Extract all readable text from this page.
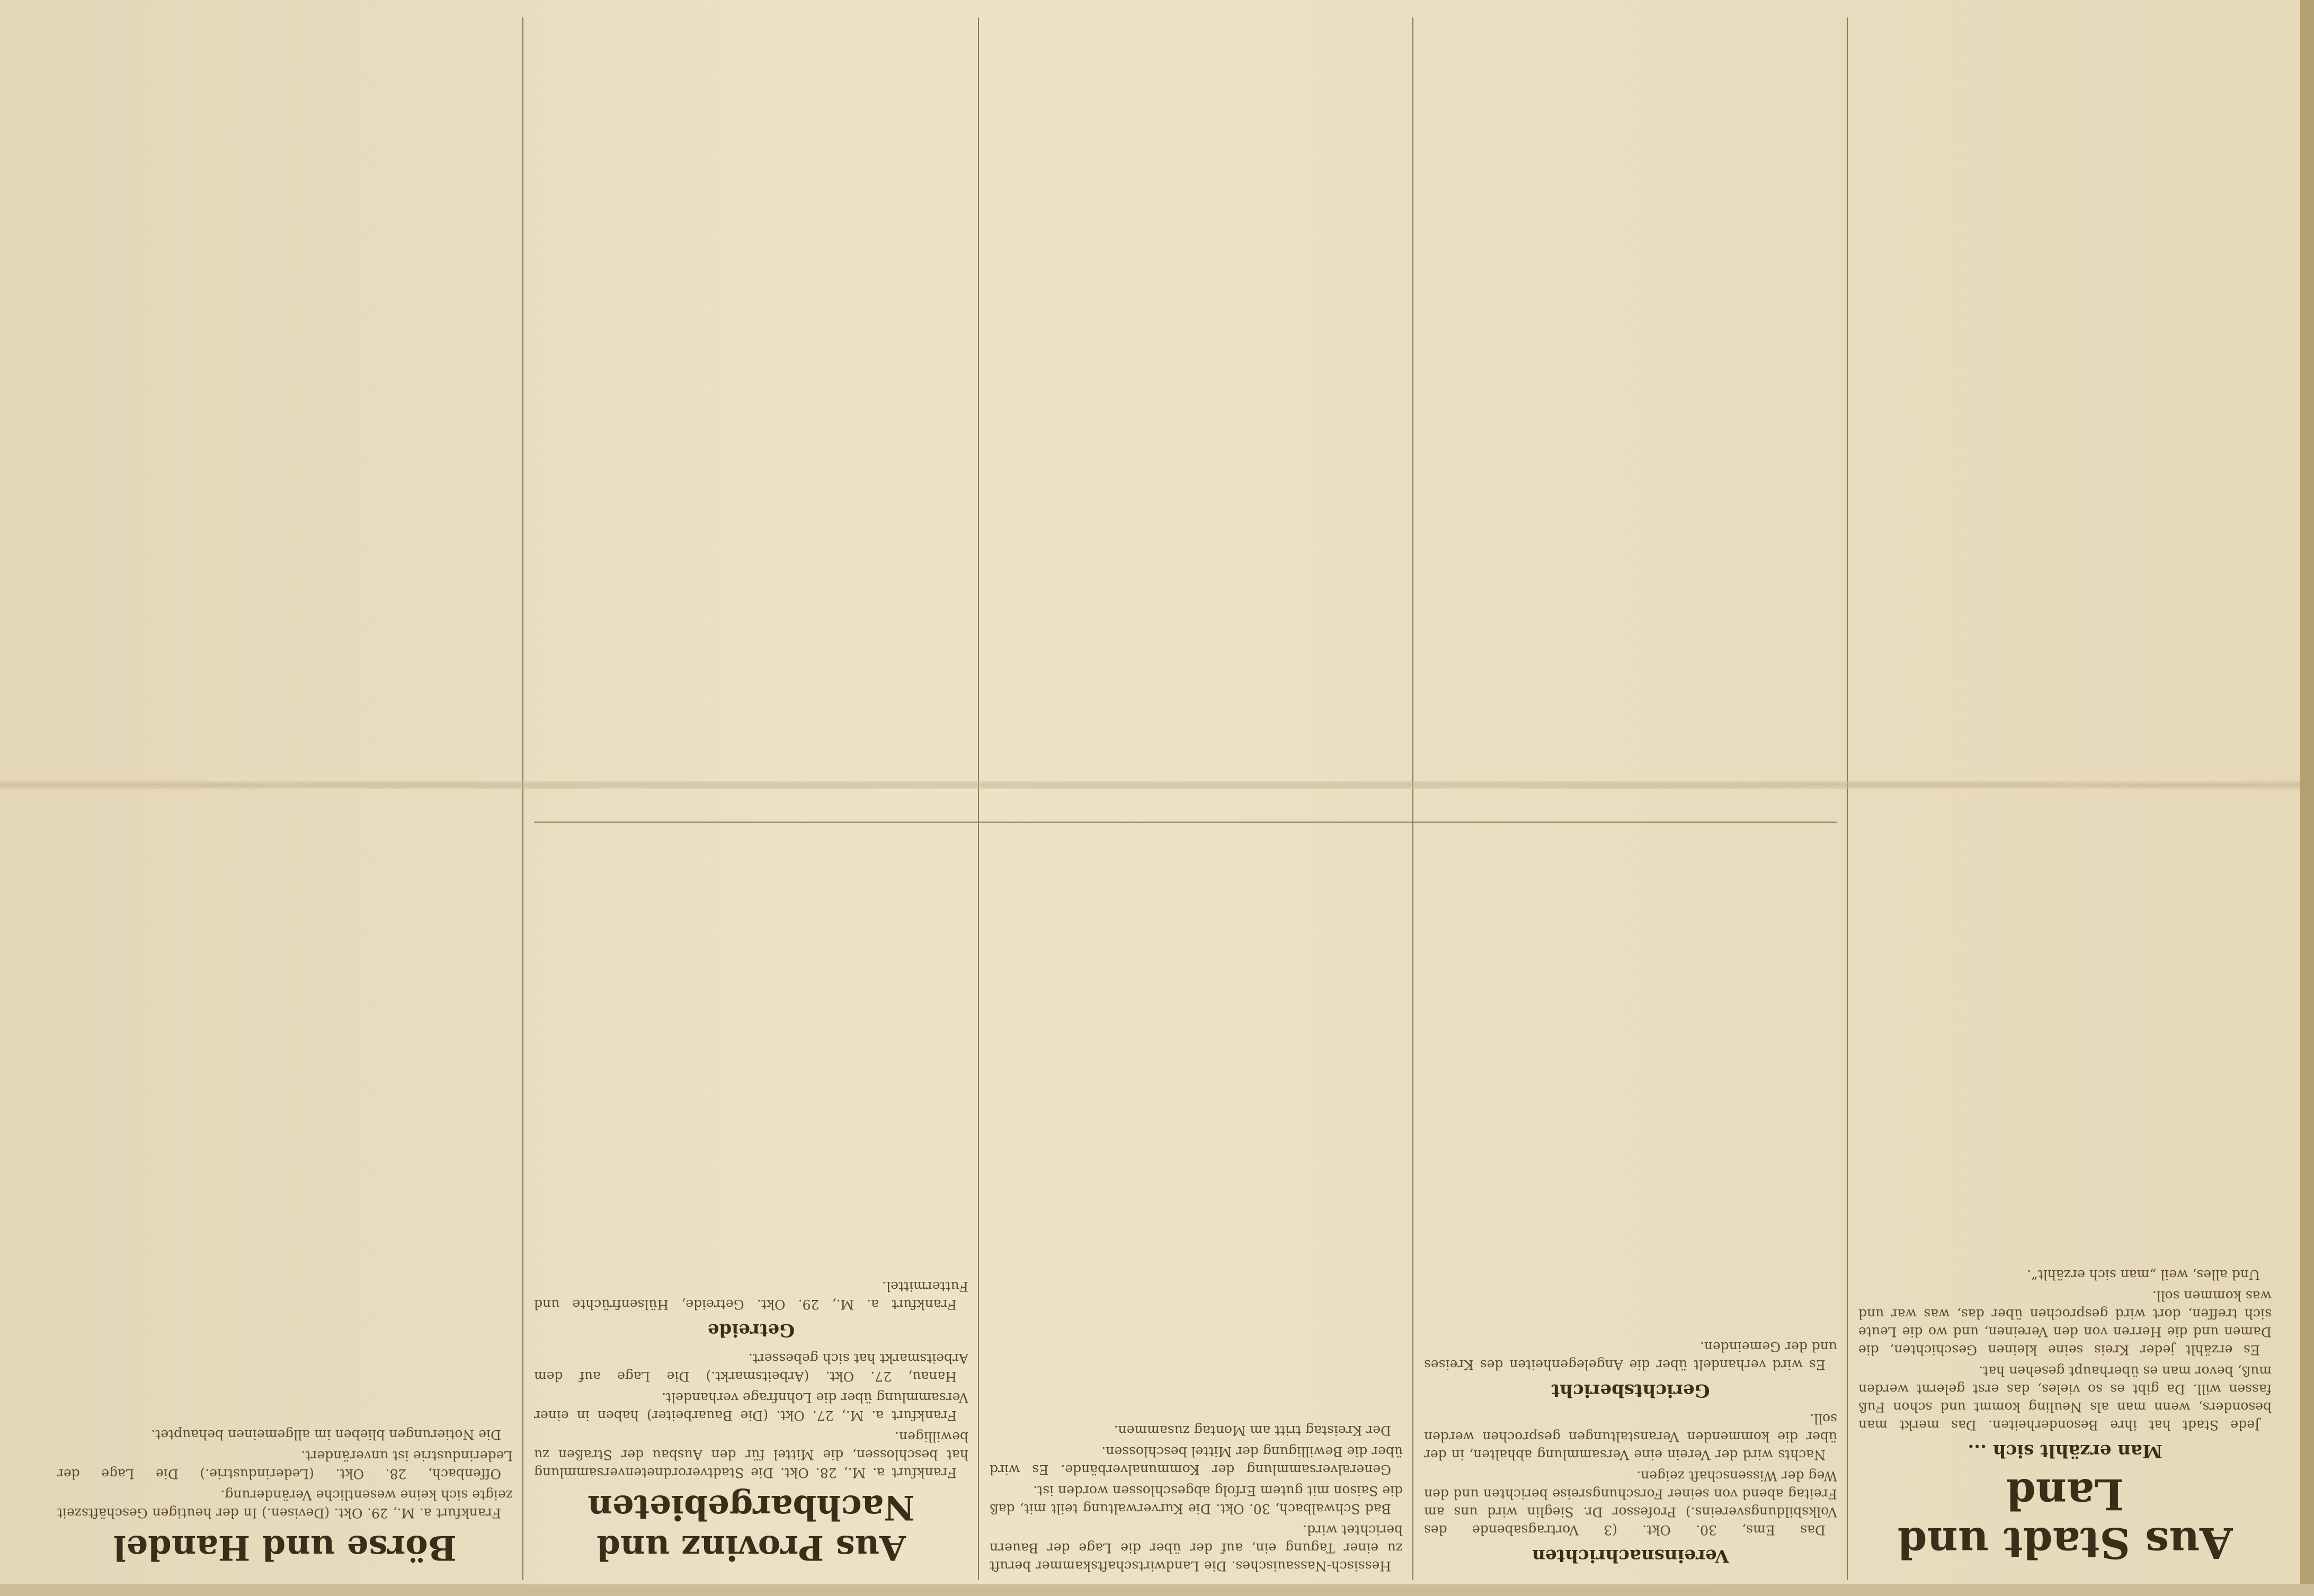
Aus Stadt und Land
Man erzählt sich ...

Jede Stadt hat ihre Besonderheiten. Das merkt man besonders, wenn man als Neuling kommt und schon Fuß fassen will. Da gibt es so vieles, das erst gelernt werden muß, bevor man es überhaupt gesehen hat.

Es erzählt jeder Kreis seine kleinen Geschichten, die Damen und die Herren von den Vereinen, und wo die Leute sich treffen, dort wird gesprochen über das, was war und was kommen soll.

Und alles, weil „man sich erzählt“.

Vereinsnachrichten

Das Ems, 30. Okt. (3 Vortragsabende des Volksbildungsvereins.) Professor Dr. Sieglin wird uns am Freitag abend von seiner Forschungsreise berichten und den Weg der Wissenschaft zeigen.

Nachts wird der Verein eine Versammlung abhalten, in der über die kommenden Veranstaltungen gesprochen werden soll.

Gerichtsbericht

Es wird verhandelt über die Angelegenheiten des Kreises und der Gemeinden.

Hessisch-Nassauisches. Die Landwirtschaftskammer beruft zu einer Tagung ein, auf der über die Lage der Bauern berichtet wird.

Bad Schwalbach, 30. Okt. Die Kurverwaltung teilt mit, daß die Saison mit gutem Erfolg abgeschlossen worden ist.

Generalversammlung der Kommunalverbände. Es wird über die Bewilligung der Mittel beschlossen.

Der Kreistag tritt am Montag zusammen.

Aus Provinz und Nachbargebieten

Frankfurt a. M., 28. Okt. Die Stadtverordnetenversammlung hat beschlossen, die Mittel für den Ausbau der Straßen zu bewilligen.

Frankfurt a. M., 27. Okt. (Die Bauarbeiter) haben in einer Versammlung über die Lohnfrage verhandelt.

Hanau, 27. Okt. (Arbeitsmarkt.) Die Lage auf dem Arbeitsmarkt hat sich gebessert.

Getreide

Frankfurt a. M., 29. Okt. Getreide, Hülsenfrüchte und Futtermittel.

Börse und Handel

Frankfurt a. M., 29. Okt. (Devisen.) In der heutigen Geschäftszeit zeigte sich keine wesentliche Veränderung.

Offenbach, 28. Okt. (Lederindustrie.) Die Lage der Lederindustrie ist unverändert.

Die Notierungen blieben im allgemeinen behauptet.
